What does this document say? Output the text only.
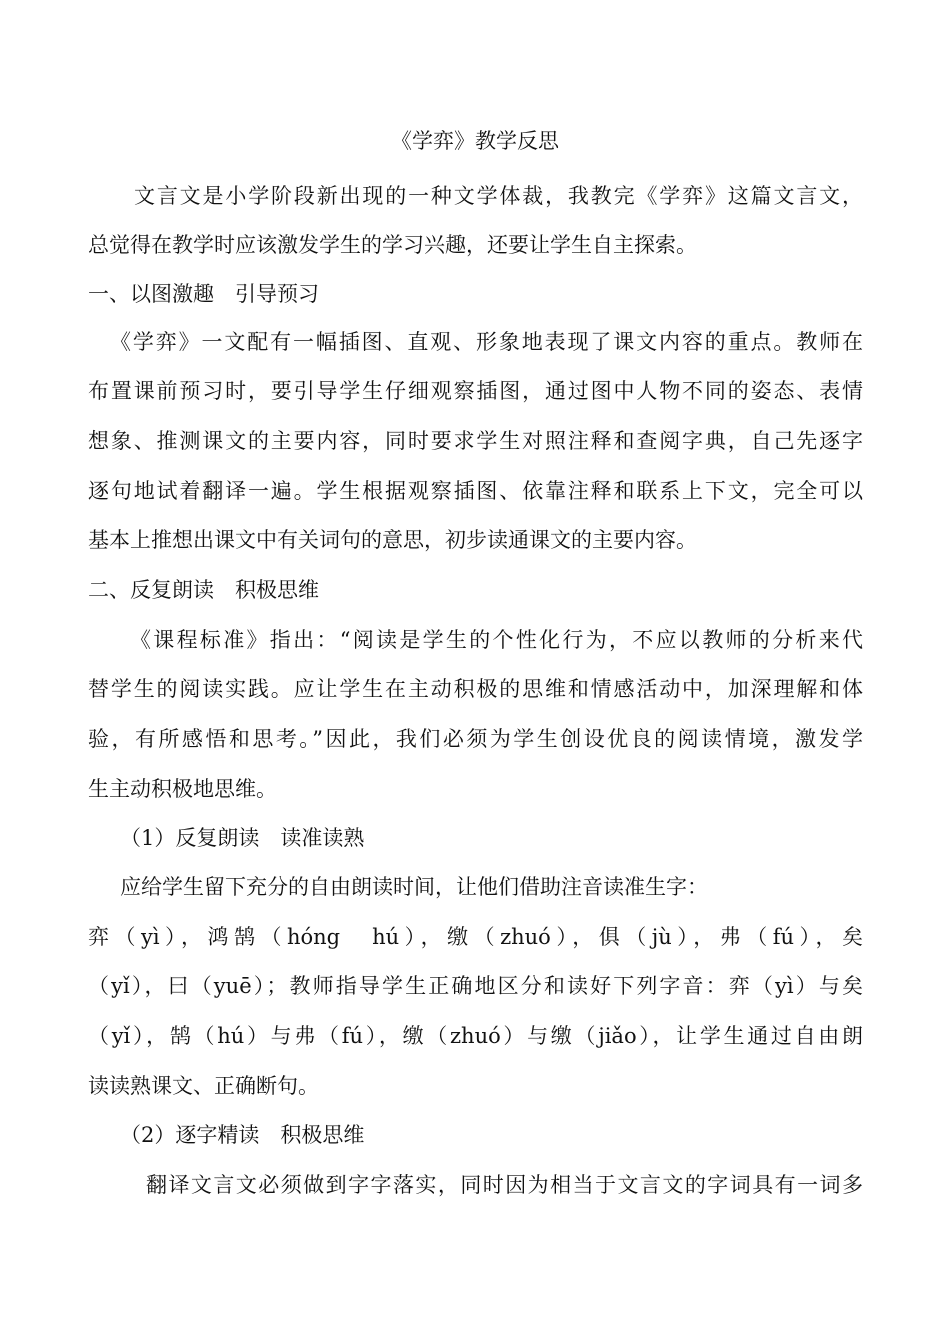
《学弈》教学反思
文言文是小学阶段新出现的一种文学体裁，我教完《学弈》这篇文言文，
总觉得在教学时应该激发学生的学习兴趣，还要让学生自主探索。
一、以图激趣　引导预习
《学弈》一文配有一幅插图、直观、形象地表现了课文内容的重点。教师在
布置课前预习时，要引导学生仔细观察插图，通过图中人物不同的姿态、表情
想象、推测课文的主要内容，同时要求学生对照注释和查阅字典，自己先逐字
逐句地试着翻译一遍。学生根据观察插图、依靠注释和联系上下文，完全可以
基本上推想出课文中有关词句的意思，初步读通课文的主要内容。
二、反复朗读　积极思维
《课程标准》指出：“阅读是学生的个性化行为，不应以教师的分析来代
替学生的阅读实践。应让学生在主动积极的思维和情感活动中，加深理解和体
验，有所感悟和思考。”因此，我们必须为学生创设优良的阅读情境，激发学
生主动积极地思维。
（1）反复朗读　读准读熟
应给学生留下充分的自由朗读时间，让他们借助注音读准生字：
弈（yì），鸿鹄（hóng　hú），缴（zhuó），俱（jù），弗（fú），矣
（yǐ），曰（yuē）；教师指导学生正确地区分和读好下列字音：弈（yì）与矣
（yǐ），鹄（hú）与弗（fú），缴（zhuó）与缴（jiǎo），让学生通过自由朗
读读熟课文、正确断句。
（2）逐字精读　积极思维
翻译文言文必须做到字字落实，同时因为相当于文言文的字词具有一词多
